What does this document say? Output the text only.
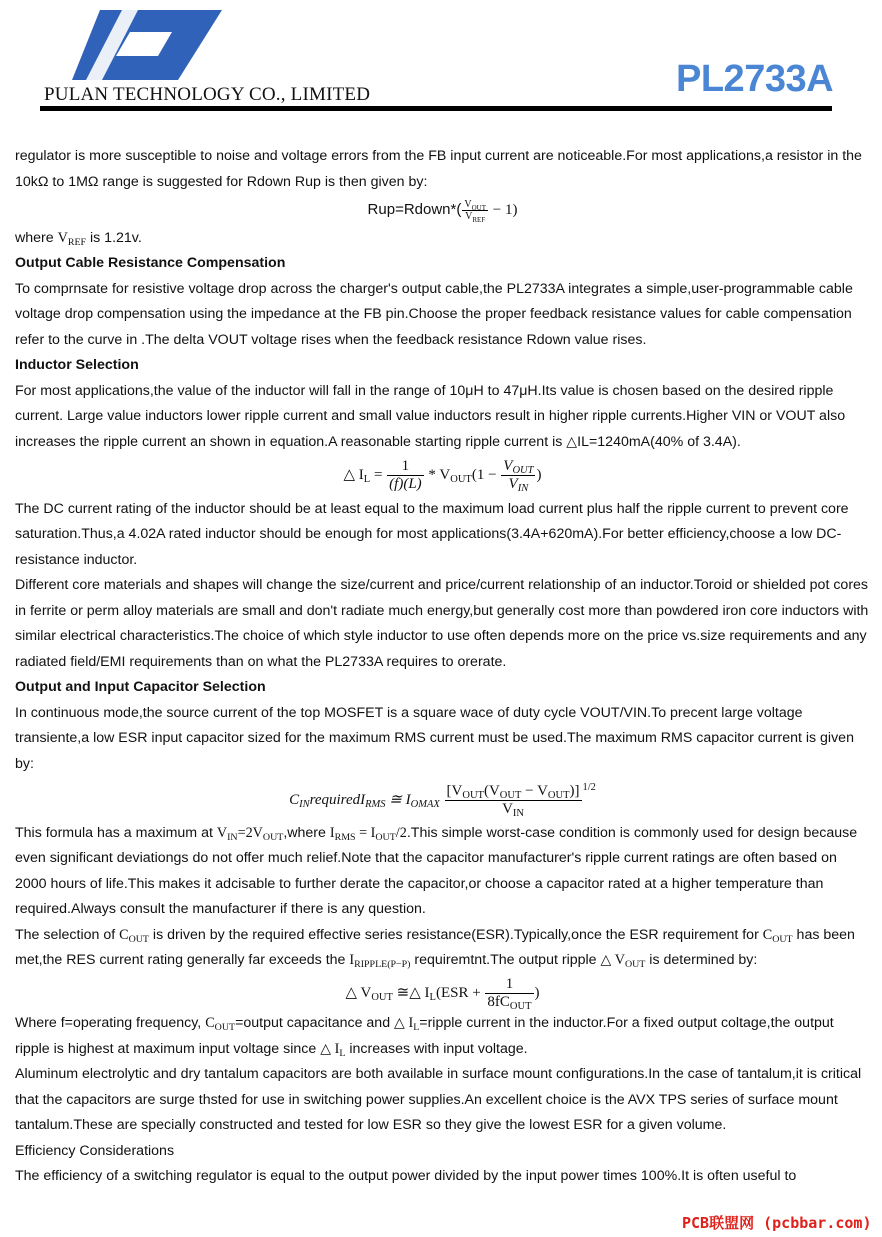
PULAN TECHNOLOGY CO., LIMITED	PL2733A

regulator is more susceptible to noise and voltage errors from the FB input current are noticeable.For most applications,a resistor in the 10kΩ to 1MΩ range is suggested for Rdown Rup is then given by:

Rup=Rdown*( $\frac{V_{OUT}}{V_{REF}} - 1$)

where $V_{REF}$ is 1.21v.

Output Cable Resistance Compensation

To comprnsate for resistive voltage drop across the charger's output cable,the PL2733A integrates a simple,user-programmable cable voltage drop compensation using the impedance at the FB pin.Choose the proper feedback resistance values for cable compensation refer to the curve in .The delta VOUT voltage rises when the feedback resistance Rdown value rises.

Inductor Selection

For most applications,the value of the inductor will fall in the range of 10μH to 47μH.Its value is chosen based on the desired ripple current. Large value inductors lower ripple current and small value inductors result in higher ripple currents.Higher VIN or VOUT also increases the ripple current an shown in equation.A reasonable starting ripple current is △IL=1240mA(40% of 3.4A).

△ $I_L = \frac{1}{(f)(L)} * V_{OUT}(1 - \frac{V_{OUT}}{V_{IN}}$ )

The DC current rating of the inductor should be at least equal to the maximum load current plus half the ripple current to prevent core saturation.Thus,a 4.02A rated inductor should be enough for most applications(3.4A+620mA).For better efficiency,choose a low DC-resistance inductor.

Different core materials and shapes will change the size/current and price/current relationship of an inductor.Toroid or shielded pot cores in ferrite or perm alloy materials are small and don't radiate much energy,but generally cost more than powdered iron core inductors with similar electrical characteristics.The choice of which style inductor to use often depends more on the price vs.size requirements and any radiated field/EMI requirements than on what the PL2733A requires to orerate.

Output and Input Capacitor Selection

In continuous mode,the source current of the top MOSFET is a square wace of duty cycle VOUT/VIN.To precent large voltage transiente,a low ESR input capacitor sized for the maximum RMS current must be used.The maximum RMS capacitor current is given by:

$C_{IN}requiredI_{RMS}$ ≅ $I_{OMAX} \frac{[V_{OUT}(V_{OUT} - V_{OUT})]}{V_{IN}} ^{1/2}$

This formula has a maximum at $V_{IN}=2V_{OUT},where$ $I_{RMS}$ = $I_{OUT}/2.This$ simple worst-case condition is commonly used for design because even significant deviationgs do not offer much relief.Note that the capacitor manufacturer's ripple current ratings are often based on 2000 hours of life.This makes it adcisable to further derate the capacitor,or choose a capacitor rated at a higher temperature than required.Always consult the manufacturer if there is any question.

The selection of $C_{OUT}$ is driven by the required effective series resistance(ESR).Typically,once the ESR requirement for $C_{OUT}$ has been met,the RES current rating generally far exceeds the $I_{RIPPLE(P-P)}$ requiremtnt.The output ripple △ $V_{OUT}$ is determined by:

△ $V_{OUT}$ ≅△ $I_L(ESR + \frac{1}{8fC_{OUT}}$ )

Where f=operating frequency, $C_{OUT}=output$ capacitance and △ $I_L=ripple$ current in the inductor.For a fixed output coltage,the output ripple is highest at maximum input voltage since △ $I_L$ increases with input voltage.

Aluminum electrolytic and dry tantalum capacitors are both available in surface mount configurations.In the case of tantalum,it is critical that the capacitors are surge thsted for use in switching power supplies.An excellent choice is the AVX TPS series of surface mount tantalum.These are specially constructed and tested for low ESR so they give the lowest ESR for a given volume.

Efficiency Considerations

The efficiency of a switching regulator is equal to the output power divided by the input power times 100%.It is often useful to

PCB联盟网 (pcbbar.com)
